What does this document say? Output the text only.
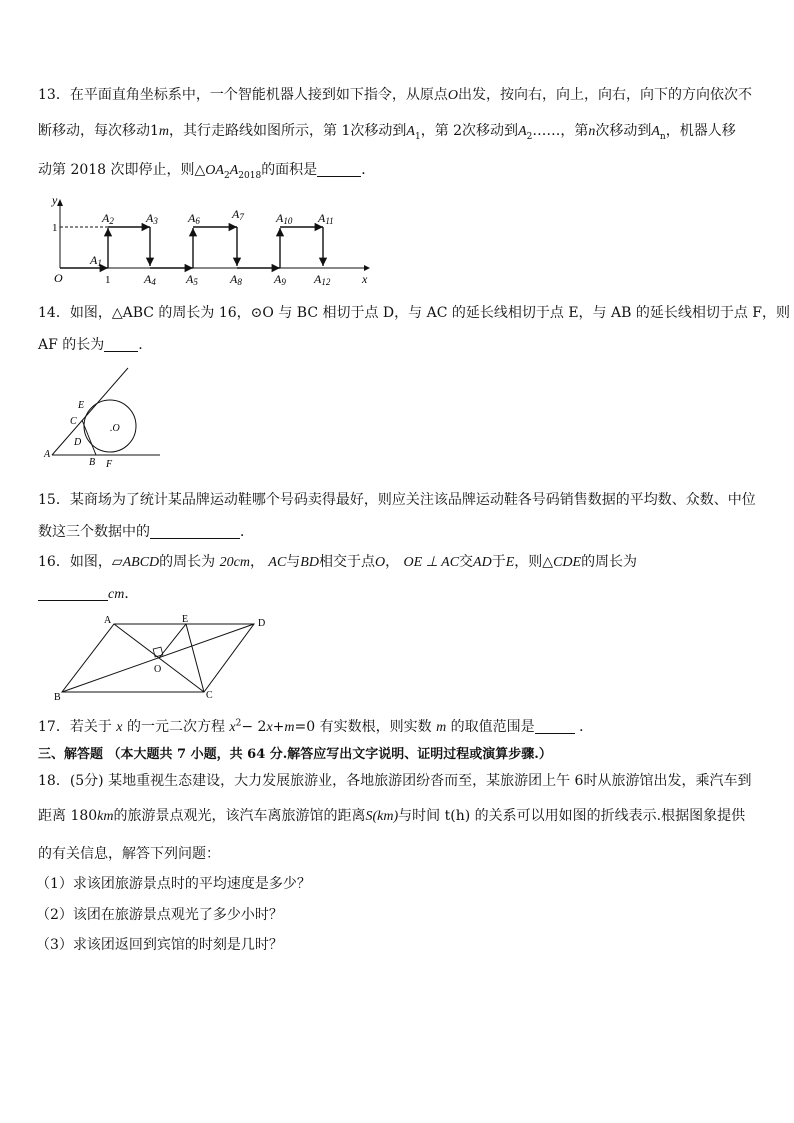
13．在平面直角坐标系中，一个智能机器人接到如下指令，从原点O出发，按向右，向上，向右，向下的方向依次不
断移动，每次移动1m，其行走路线如图所示，第 1次移动到$A_1$，第 2次移动到$A_2\dots\dots$，第n次移动到$A_n$，机器人移
动第 2018 次即停止，则$\triangle OA_2A_{2018}$的面积是	．
y
x
O
1
1
A2	A3	A6	A7	A10 A11
A1
A4	A5	A8	A9 A12
14．如图，△ABC 的周长为 16，⊙O 与 BC 相切于点 D，与 AC 的延长线相切于点 E，与 AB 的延长线相切于点 F，则
AF 的长为 .
E
C
D
A
B F
.O
15．某商场为了统计某品牌运动鞋哪个号码卖得最好，则应关注该品牌运动鞋各号码销售数据的平均数、众数、中位
数这三个数据中的	．
16．如图，▱ABCD的周长为 20cm， AC与BD相交于点O， OE ⊥ AC交AD于E，则△CDE的周长为
cm．
A	E	D
O
B	C
17．若关于 x 的一元二次方程 $x^2- 2x+m=0$ 有实数根，则实数 m 的取值范围是	．
三、解答题 （本大题共 7 小题，共 64 分.解答应写出文字说明、证明过程或演算步骤.）
18．(5分) 某地重视生态建设，大力发展旅游业，各地旅游团纷沓而至，某旅游团上午 6时从旅游馆出发，乘汽车到
距离 180km的旅游景点观光，该汽车离旅游馆的距离S(km)与时间 t(h) 的关系可以用如图的折线表示.根据图象提供
的有关信息，解答下列问题：
（1）求该团旅游景点时的平均速度是多少？
（2）该团在旅游景点观光了多少小时？
（3）求该团返回到宾馆的时刻是几时？
